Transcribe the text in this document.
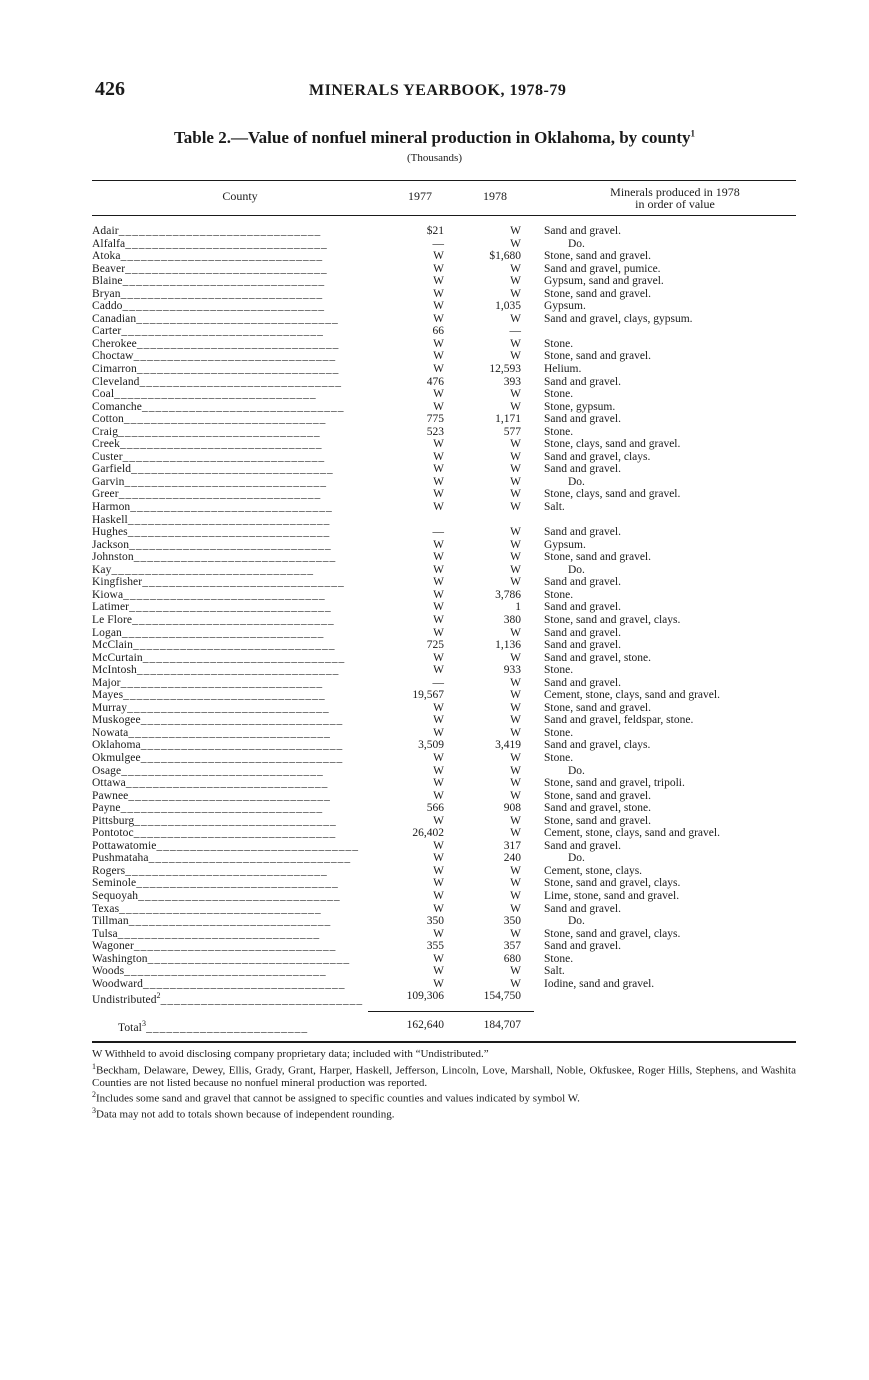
426	MINERALS YEARBOOK, 1978-79
Table 2.—Value of nonfuel mineral production in Oklahoma, by county$^1$
(Thousands)
County	1977	1978	Minerals produced in 1978
in order of value
Adair______________________________	$21	W Sand and gravel.
Alfalfa______________________________	—	W	Do.
Atoka______________________________	W	$1,680 Stone, sand and gravel.
Beaver______________________________	W	W Sand and gravel, pumice.
Blaine______________________________	W	W Gypsum, sand and gravel.
Bryan______________________________	W	W Stone, sand and gravel.
Caddo______________________________	W	1,035 Gypsum.
Canadian______________________________	W	W Sand and gravel, clays, gypsum.
Carter______________________________	66	—
Cherokee______________________________	W	W Stone.
Choctaw______________________________	W	W Stone, sand and gravel.
Cimarron______________________________	W	12,593 Helium.
Cleveland______________________________	476	393 Sand and gravel.
Coal______________________________	W	W Stone.
Comanche______________________________	W	W Stone, gypsum.
Cotton______________________________	775	1,171 Sand and gravel.
Craig______________________________	523	577 Stone.
Creek______________________________	W	W Stone, clays, sand and gravel.
Custer______________________________	W	W Sand and gravel, clays.
Garfield______________________________	W	W Sand and gravel.
Garvin______________________________	W	W	Do.
Greer______________________________	W	W Stone, clays, sand and gravel.
Harmon______________________________	W	W Salt.
Haskell______________________________
Hughes______________________________	—	W Sand and gravel.
Jackson______________________________	W	W Gypsum.
Johnston______________________________	W	W Stone, sand and gravel.
Kay______________________________	W	W	Do.
Kingfisher______________________________	W	W Sand and gravel.
Kiowa______________________________	W	3,786 Stone.
Latimer______________________________	W	1 Sand and gravel.
Le Flore______________________________	W	380 Stone, sand and gravel, clays.
Logan______________________________	W	W Sand and gravel.
McClain______________________________	725	1,136 Sand and gravel.
McCurtain______________________________	W	W Sand and gravel, stone.
McIntosh______________________________	W	933 Stone.
Major______________________________	—	W Sand and gravel.
Mayes______________________________	19,567	W Cement, stone, clays, sand and gravel.
Murray______________________________	W	W Stone, sand and gravel.
Muskogee______________________________	W	W Sand and gravel, feldspar, stone.
Nowata______________________________	W	W Stone.
Oklahoma______________________________	3,509	3,419 Sand and gravel, clays.
Okmulgee______________________________	W	W Stone.
Osage______________________________	W	W	Do.
Ottawa______________________________	W	W Stone, sand and gravel, tripoli.
Pawnee______________________________	W	W Stone, sand and gravel.
Payne______________________________	566	908 Sand and gravel, stone.
Pittsburg______________________________	W	W Stone, sand and gravel.
Pontotoc______________________________	26,402	W Cement, stone, clays, sand and gravel.
Pottawatomie______________________________	W	317 Sand and gravel.
Pushmataha______________________________	W	240	Do.
Rogers______________________________	W	W Cement, stone, clays.
Seminole______________________________	W	W Stone, sand and gravel, clays.
Sequoyah______________________________	W	W Lime, stone, sand and gravel.
Texas______________________________	W	W Sand and gravel.
Tillman______________________________	350	350	Do.
Tulsa______________________________	W	W Stone, sand and gravel, clays.
Wagoner______________________________	355	357 Sand and gravel.
Washington______________________________	W	680 Stone.
Woods______________________________	W	W Salt.
Woodward______________________________	W	W Iodine, sand and gravel.
Undistributed$^2$______________________________	109,306	154,750
Total$^3$________________________	162,640	184,707

W Withheld to avoid disclosing company proprietary data; included with “Undistributed.”

$^1$Beckham, Delaware, Dewey, Ellis, Grady, Grant, Harper, Haskell, Jefferson, Lincoln, Love, Marshall, Noble, Okfuskee, Roger Hills, Stephens, and Washita Counties are not listed because no nonfuel mineral production was reported.

$^2$Includes some sand and gravel that cannot be assigned to specific counties and values indicated by symbol W.

$^3$Data may not add to totals shown because of independent rounding.
